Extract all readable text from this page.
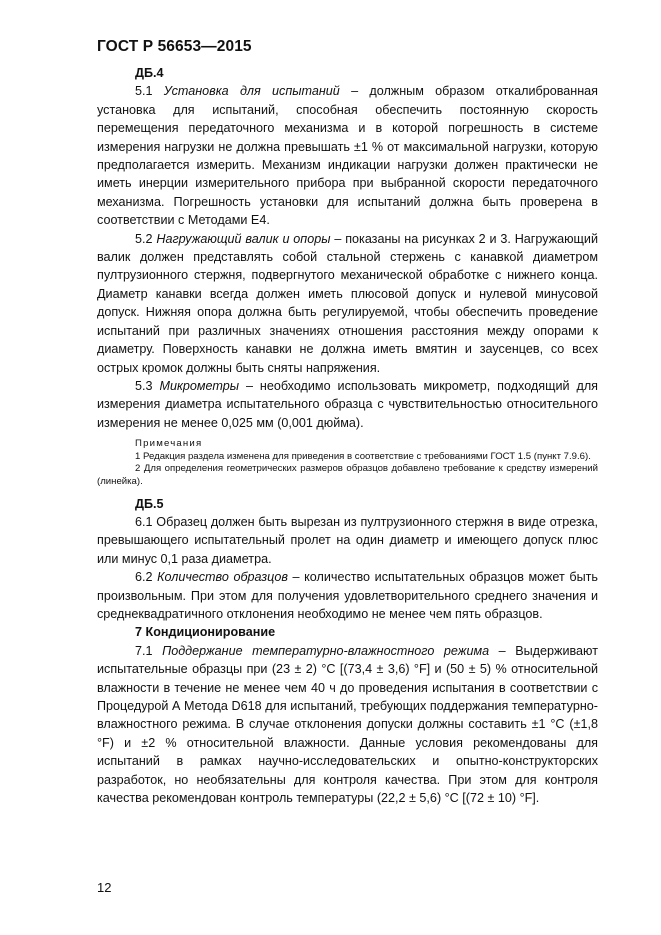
ГОСТ Р 56653—2015

ДБ.4

5.1 Установка для испытаний – должным образом откалиброванная установка для испытаний, способная обеспечить постоянную скорость перемещения передаточного механизма и в которой погрешность в системе измерения нагрузки не должна превышать ±1 % от максимальной нагрузки, которую предполагается измерить. Механизм индикации нагрузки должен практически не иметь инерции измерительного прибора при выбранной скорости передаточного механизма. Погрешность установки для испытаний должна быть проверена в соответствии с Методами Е4.

5.2 Нагружающий валик и опоры – показаны на рисунках 2 и 3. Нагружающий валик должен представлять собой стальной стержень с канавкой диаметром пултрузионного стержня, подвергнутого механической обработке с нижнего конца. Диаметр канавки всегда должен иметь плюсовой допуск и нулевой минусовой допуск. Нижняя опора должна быть регулируемой, чтобы обеспечить проведение испытаний при различных значениях отношения расстояния между опорами к диаметру. Поверхность канавки не должна иметь вмятин и заусенцев, со всех острых кромок должны быть сняты напряжения.

5.3 Микрометры – необходимо использовать микрометр, подходящий для измерения диаметра испытательного образца с чувствительностью относительного измерения не менее 0,025 мм (0,001 дюйма).

Примечания

1 Редакция раздела изменена для приведения в соответствие с требованиями ГОСТ 1.5 (пункт 7.9.6).

2 Для определения геометрических размеров образцов добавлено требование к средству измерений (линейка).

ДБ.5

6.1 Образец должен быть вырезан из пултрузионного стержня в виде отрезка, превышающего испытательный пролет на один диаметр и имеющего допуск плюс или минус 0,1 раза диаметра.

6.2 Количество образцов – количество испытательных образцов может быть произвольным. При этом для получения удовлетворительного среднего значения и среднеквадратичного отклонения необходимо не менее чем пять образцов.

7 Кондиционирование

7.1 Поддержание температурно-влажностного режима – Выдерживают испытательные образцы при (23 ± 2) °С [(73,4 ± 3,6) °F] и (50 ± 5) % относительной влажности в течение не менее чем 40 ч до проведения испытания в соответствии с Процедурой А Метода D618 для испытаний, требующих поддержания температурно-влажностного режима. В случае отклонения допуски должны составить ±1 °С (±1,8 °F) и ±2 % относительной влажности. Данные условия рекомендованы для испытаний в рамках научно-исследовательских и опытно-конструкторских разработок, но необязательны для контроля качества. При этом для контроля качества рекомендован контроль температуры (22,2 ± 5,6) °С [(72 ± 10) °F].

12
